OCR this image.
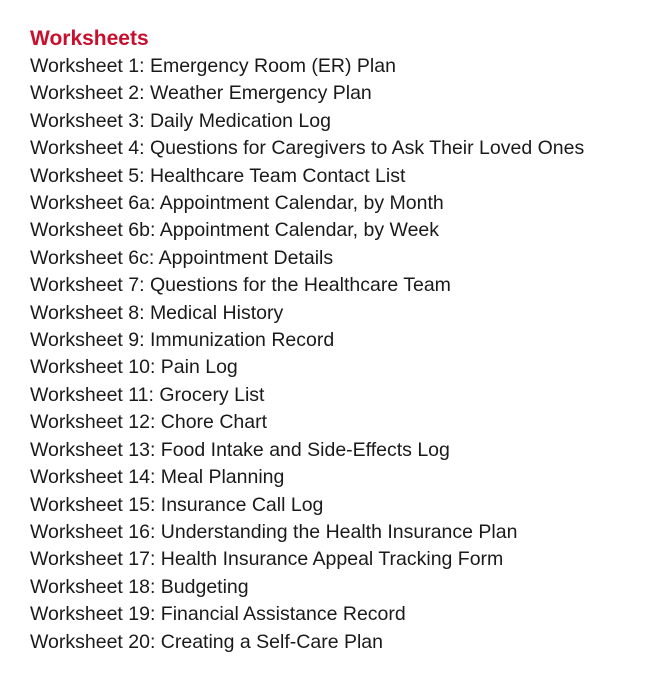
Worksheets
Worksheet 1: Emergency Room (ER) Plan
Worksheet 2: Weather Emergency Plan
Worksheet 3: Daily Medication Log
Worksheet 4: Questions for Caregivers to Ask Their Loved Ones
Worksheet 5: Healthcare Team Contact List
Worksheet 6a: Appointment Calendar, by Month
Worksheet 6b: Appointment Calendar, by Week
Worksheet 6c: Appointment Details
Worksheet 7: Questions for the Healthcare Team
Worksheet 8: Medical History
Worksheet 9: Immunization Record
Worksheet 10: Pain Log
Worksheet 11: Grocery List
Worksheet 12: Chore Chart
Worksheet 13: Food Intake and Side-Effects Log
Worksheet 14: Meal Planning
Worksheet 15: Insurance Call Log
Worksheet 16: Understanding the Health Insurance Plan
Worksheet 17: Health Insurance Appeal Tracking Form
Worksheet 18: Budgeting
Worksheet 19: Financial Assistance Record
Worksheet 20: Creating a Self-Care Plan
